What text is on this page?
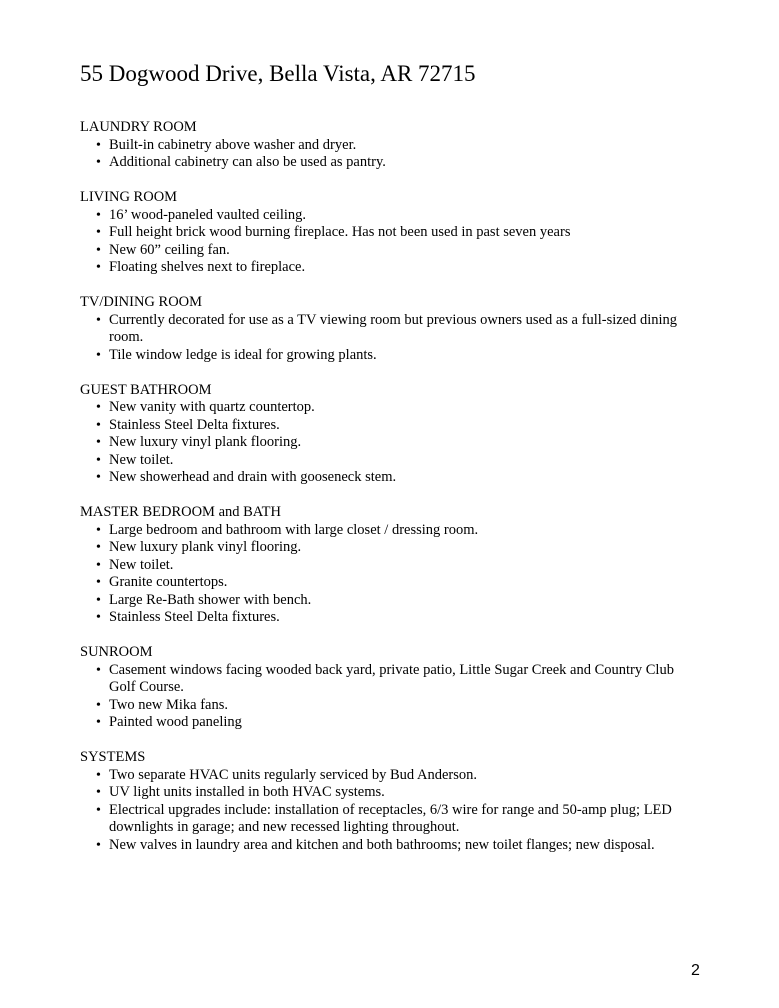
55 Dogwood Drive, Bella Vista, AR 72715
LAUNDRY ROOM
• Built-in cabinetry above washer and dryer.
• Additional cabinetry can also be used as pantry.
LIVING ROOM
• 16’ wood-paneled vaulted ceiling.
• Full height brick wood burning fireplace. Has not been used in past seven years
• New 60” ceiling fan.
• Floating shelves next to fireplace.
TV/DINING ROOM
• Currently decorated for use as a TV viewing room but previous owners used as a full-sized dining room.
• Tile window ledge is ideal for growing plants.
GUEST BATHROOM
• New vanity with quartz countertop.
• Stainless Steel Delta fixtures.
• New luxury vinyl plank flooring.
• New toilet.
• New showerhead and drain with gooseneck stem.
MASTER BEDROOM and BATH
• Large bedroom and bathroom with large closet / dressing room.
• New luxury plank vinyl flooring.
• New toilet.
• Granite countertops.
• Large Re-Bath shower with bench.
• Stainless Steel Delta fixtures.
SUNROOM
• Casement windows facing wooded back yard, private patio, Little Sugar Creek and Country Club Golf Course.
• Two new Mika fans.
• Painted wood paneling
SYSTEMS
• Two separate HVAC units regularly serviced by Bud Anderson.
• UV light units installed in both HVAC systems.
• Electrical upgrades include: installation of receptacles, 6/3 wire for range and 50-amp plug; LED downlights in garage; and new recessed lighting throughout.
• New valves in laundry area and kitchen and both bathrooms; new toilet flanges; new disposal.
2
